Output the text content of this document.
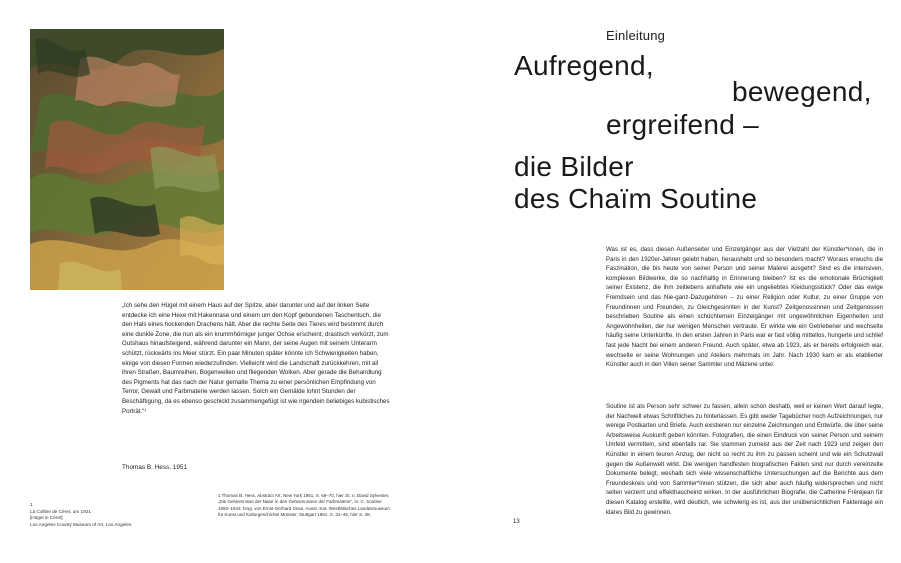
„Ich sehe den Hügel mit einem Haus auf der Spitze, aber darunter und auf der linken Seite entdecke ich eine Hexe mit Hakennase und einem um den Kopf gebundenen Taschentuch, die den Hals eines hockenden Drachens hält. Aber die rechte Seite des Tieres wird bestimmt durch eine dunkle Zone, die nun als ein krummhörniger junger Ochse erscheint, drastisch verkürzt, zum Gutshaus hinaufsteigend, während darunter ein Mann, der seine Augen mit seinem Unterarm schützt, rückwärts ins Meer stürzt. Ein paar Minuten später könnte ich Schwierigkeiten haben, einige von diesen Formen wiederzufinden. Vielleicht wird die Landschaft zurückkehren, mit all ihren Straßen, Baumreihen, Bogenwellen und fliegenden Wolken. Aber gerade die Behandlung des Pigments hat das nach der Natur gemalte Thema zu einer persönlichen Empfindung von Terror, Gewalt und Farbmaterie werden lassen. Solch ein Gemälde lohnt Stunden der Beschäftigung, da es ebenso geschickt zusammengefügt ist wie irgendein beliebiges kubistisches Porträt.“¹

Thomas B. Hess, 1951

1
La Colline de Céret, um 1921
[Hügel in Céret]
Los Angeles County Museum of Art, Los Angeles

1 Thomas B. Hess, Abstract Art, New York 1951, S. 69–70, hier zit. n. David Sylvester, „Die Geheimnisse der Natur in den Geheimnissen der Farbmaterie“, in: C. Soutine 1893–1943, hrsg. von Ernst-Gerhard Güse, Ausst.-Kat. Westfälisches Landesmuseum für Kunst und Kulturgeschichte Münster, Stuttgart 1981, S. 31–45, hier S. 38.

13
Einleitung
Aufregend,
bewegend,
ergreifend –
die Bilder
des Chaïm Soutine

Was ist es, dass diesen Außenseiter und Einzelgänger aus der Vielzahl der Künstler*innen, die in Paris in den 1920er-Jahren gelebt haben, heraushebt und so besonders macht? Woraus erwuchs die Faszination, die bis heute von seiner Person und seiner Malerei ausgeht? Sind es die intensiven, komplexen Bildwerke, die so nachhaltig in Erinnerung bleiben? Ist es die emotionale Brüchigkeit seiner Existenz, die ihm zeitlebens anhaftete wie ein ungeliebtes Kleidungsstück? Oder das ewige Fremdsein und das Nie-ganz-Dazugehören – zu einer Religion oder Kultur, zu einer Gruppe von Freundinnen und Freunden, zu Gleichgesinnten in der Kunst? Zeitgenossinnen und Zeitgenossen beschrieben Soutine als einen schüchternen Einzelgänger mit ungewöhnlichen Eigenheiten und Angewohnheiten, der nur wenigen Menschen vertraute. Er wirkte wie ein Getriebener und wechselte häufig seine Unterkünfte. In den ersten Jahren in Paris war er fast völlig mittellos, hungerte und schlief fast jede Nacht bei einem anderen Freund. Auch später, etwa ab 1923, als er bereits erfolgreich war, wechselte er seine Wohnungen und Ateliers mehrmals im Jahr. Nach 1930 kam er als etablierter Künstler auch in den Villen seiner Sammler und Mäzene unter.

Soutine ist als Person sehr schwer zu fassen, allein schon deshalb, weil er keinen Wert darauf legte, der Nachwelt etwas Schriftliches zu hinterlassen. Es gibt weder Tagebücher noch Aufzeichnungen, nur wenige Postkarten und Briefe. Auch existieren nur einzelne Zeichnungen und Entwürfe, die über seine Arbeitsweise Auskunft geben könnten. Fotografien, die einen Eindruck von seiner Person und seinem Umfeld vermitteln, sind ebenfalls rar. Sie stammen zumeist aus der Zeit nach 1923 und zeigen den Künstler in einem teuren Anzug, der nicht so recht zu ihm zu passen scheint und wie ein Schutzwall gegen die Außenwelt wirkt. Die wenigen handfesten biografischen Fakten sind nur durch vereinzelte Dokumente belegt, weshalb sich viele wissenschaftliche Untersuchungen auf die Berichte aus dem Freundeskreis und von Sammler*innen stützen, die sich aber auch häufig widersprechen und nicht selten verzerrt und effekthascheind wirken. In der ausführlichen Biografie, die Catherine Fréréjean für diesen Katalog erstellte, wird deutlich, wie schwierig es ist, aus der unübersichtlichen Faktenlage ein klares Bild zu gewinnen.
